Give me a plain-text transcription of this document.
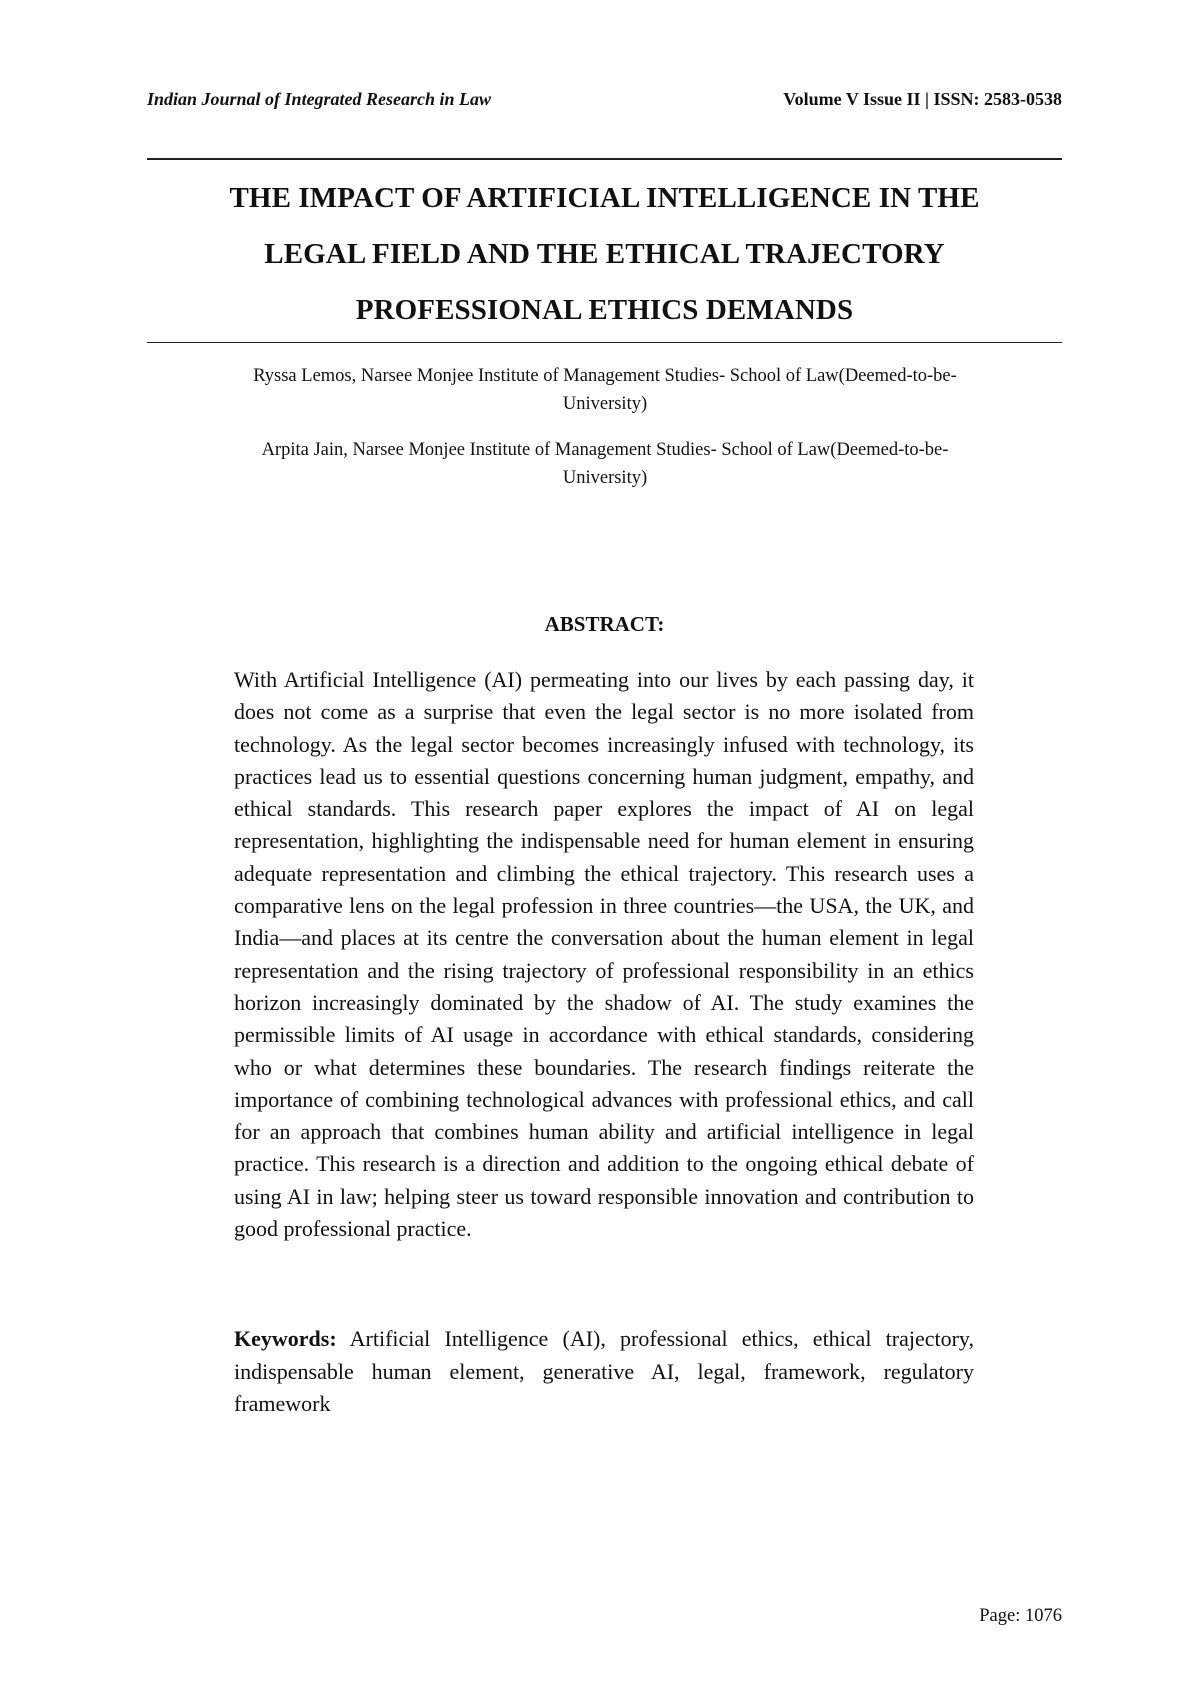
Indian Journal of Integrated Research in Law	Volume V Issue II | ISSN: 2583-0538
THE IMPACT OF ARTIFICIAL INTELLIGENCE IN THE
LEGAL FIELD AND THE ETHICAL TRAJECTORY
PROFESSIONAL ETHICS DEMANDS

Ryssa Lemos, Narsee Monjee Institute of Management Studies- School of Law(Deemed-to-be-University)

Arpita Jain, Narsee Monjee Institute of Management Studies- School of Law(Deemed-to-be-University)

ABSTRACT:

With Artificial Intelligence (AI) permeating into our lives by each passing day, it does not come as a surprise that even the legal sector is no more isolated from technology. As the legal sector becomes increasingly infused with technology, its practices lead us to essential questions concerning human judgment, empathy, and ethical standards. This research paper explores the impact of AI on legal representation, highlighting the indispensable need for human element in ensuring adequate representation and climbing the ethical trajectory. This research uses a comparative lens on the legal profession in three countries—the USA, the UK, and India—and places at its centre the conversation about the human element in legal representation and the rising trajectory of professional responsibility in an ethics horizon increasingly dominated by the shadow of AI. The study examines the permissible limits of AI usage in accordance with ethical standards, considering who or what determines these boundaries. The research findings reiterate the importance of combining technological advances with professional ethics, and call for an approach that combines human ability and artificial intelligence in legal practice. This research is a direction and addition to the ongoing ethical debate of using AI in law; helping steer us toward responsible innovation and contribution to good professional practice.

Keywords: Artificial Intelligence (AI), professional ethics, ethical trajectory, indispensable human element, generative AI, legal, framework, regulatory framework

Page: 1076
